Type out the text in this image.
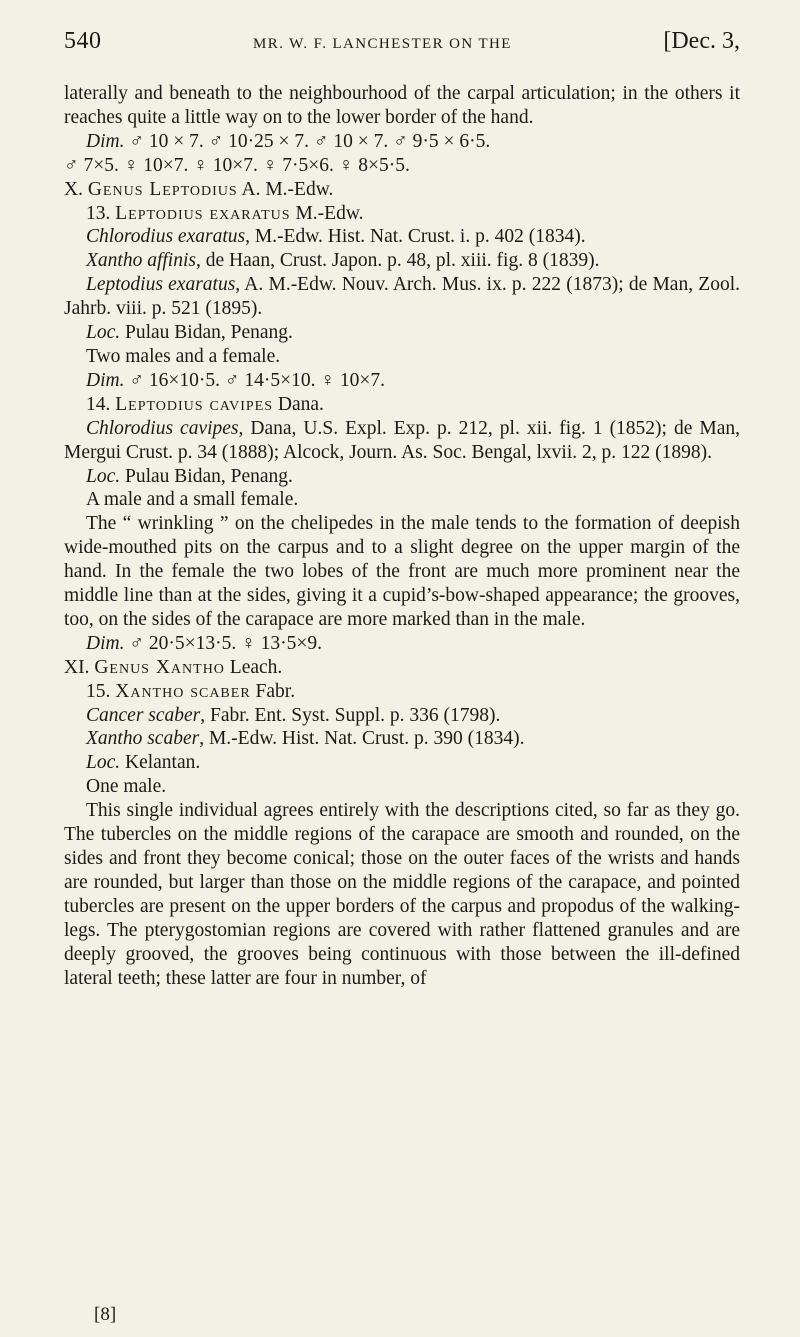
540	MR. W. F. LANCHESTER ON THE	[Dec. 3,

laterally and beneath to the neighbourhood of the carpal articulation; in the others it reaches quite a little way on to the lower border of the hand.

Dim. ♂ 10 × 7. ♂ 10·25 × 7. ♂ 10 × 7. ♂ 9·5 × 6·5.

♂ 7×5. ♀ 10×7. ♀ 10×7. ♀ 7·5×6. ♀ 8×5·5.

X. Genus Leptodius A. M.-Edw.

13. Leptodius exaratus M.-Edw.

Chlorodius exaratus, M.-Edw. Hist. Nat. Crust. i. p. 402 (1834).

Xantho affinis, de Haan, Crust. Japon. p. 48, pl. xiii. fig. 8 (1839).

Leptodius exaratus, A. M.-Edw. Nouv. Arch. Mus. ix. p. 222 (1873); de Man, Zool. Jahrb. viii. p. 521 (1895).

Loc. Pulau Bidan, Penang.

Two males and a female.

Dim. ♂ 16×10·5. ♂ 14·5×10. ♀ 10×7.

14. Leptodius cavipes Dana.

Chlorodius cavipes, Dana, U.S. Expl. Exp. p. 212, pl. xii. fig. 1 (1852); de Man, Mergui Crust. p. 34 (1888); Alcock, Journ. As. Soc. Bengal, lxvii. 2, p. 122 (1898).

Loc. Pulau Bidan, Penang.

A male and a small female.

The “ wrinkling ” on the chelipedes in the male tends to the formation of deepish wide-mouthed pits on the carpus and to a slight degree on the upper margin of the hand. In the female the two lobes of the front are much more prominent near the middle line than at the sides, giving it a cupid’s-bow-shaped appearance; the grooves, too, on the sides of the carapace are more marked than in the male.

Dim. ♂ 20·5×13·5. ♀ 13·5×9.

XI. Genus Xantho Leach.

15. Xantho scaber Fabr.

Cancer scaber, Fabr. Ent. Syst. Suppl. p. 336 (1798).

Xantho scaber, M.-Edw. Hist. Nat. Crust. p. 390 (1834).

Loc. Kelantan.

One male.

This single individual agrees entirely with the descriptions cited, so far as they go. The tubercles on the middle regions of the carapace are smooth and rounded, on the sides and front they become conical; those on the outer faces of the wrists and hands are rounded, but larger than those on the middle regions of the carapace, and pointed tubercles are present on the upper borders of the carpus and propodus of the walking-legs. The pterygostomian regions are covered with rather flattened granules and are deeply grooved, the grooves being continuous with those between the ill-defined lateral teeth; these latter are four in number, of

[8]
